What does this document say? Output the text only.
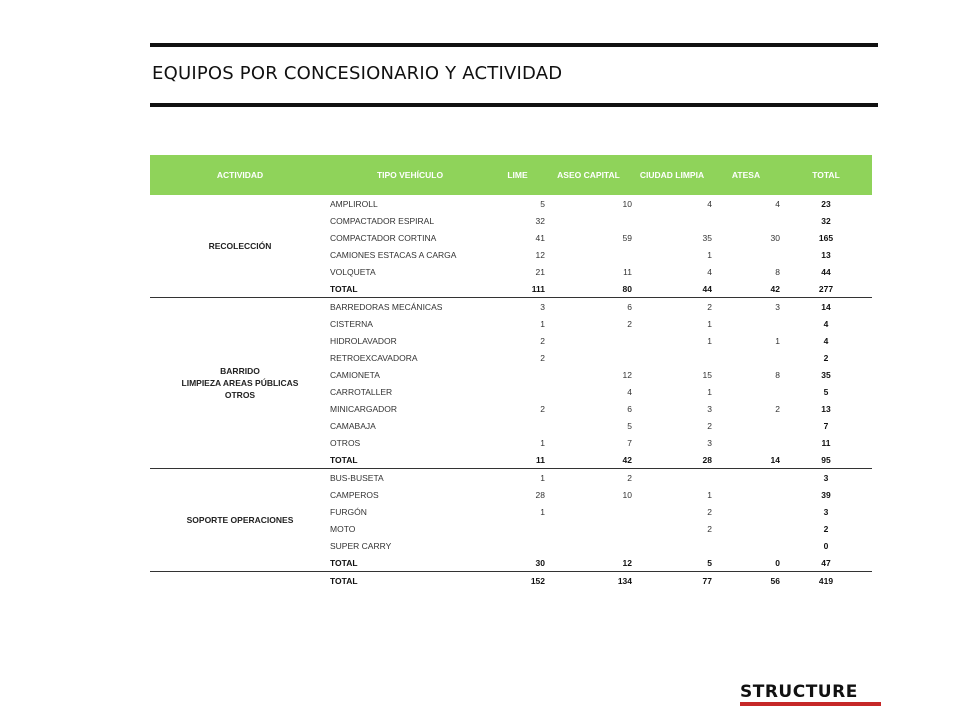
EQUIPOS POR CONCESIONARIO Y ACTIVIDAD
ACTIVIDAD	TIPO VEHÍCULO	LIME	ASEO CAPITAL	CIUDAD LIMPIA	ATESA	TOTAL
RECOLECCIÓN	AMPLIROLL	5	10	4	4	23
	COMPACTADOR ESPIRAL	32				32
	COMPACTADOR CORTINA	41	59	35	30	165
	CAMIONES ESTACAS A CARGA	12		1		13
	VOLQUETA	21	11	4	8	44
	TOTAL	111	80	44	42	277
BARRIDO
LIMPIEZA AREAS PÚBLICAS
OTROS	BARREDORAS MECÁNICAS	3	6	2	3	14
	CISTERNA	1	2	1		4
	HIDROLAVADOR	2		1	1	4
	RETROEXCAVADORA	2				2
	CAMIONETA		12	15	8	35
	CARROTALLER		4	1		5
	MINICARGADOR	2	6	3	2	13
	CAMABAJA		5	2		7
	OTROS	1	7	3		11
	TOTAL	11	42	28	14	95
SOPORTE OPERACIONES	BUS-BUSETA	1	2			3
	CAMPEROS	28	10	1		39
	FURGÓN	1		2		3
	MOTO			2		2
	SUPER CARRY					0
	TOTAL	30	12	5	0	47
	TOTAL	152	134	77	56	419
STRUCTURE
